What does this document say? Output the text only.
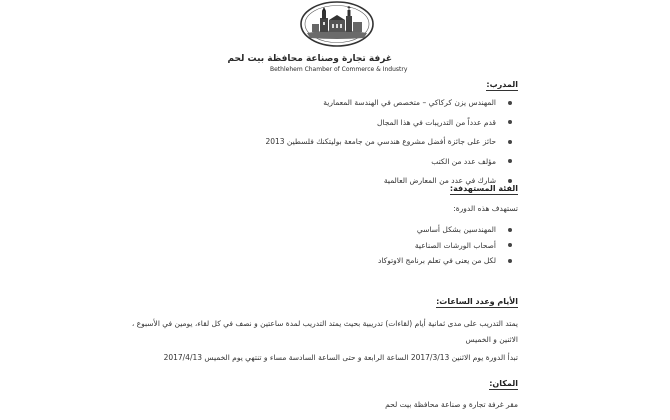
غرفة تجارة وصناعة محافظة بيت لحم
Bethlehem Chamber of Commerce & Industry
المدرب:
المهندس يزن كركاكي – متخصص في الهندسة المعمارية
قدم عدداً من التدريبات في هذا المجال
حائز على جائزة أفضل مشروع هندسي من جامعة بوليتكنك فلسطين 2013
مؤلف عدد من الكتب
شارك في عدد من المعارض العالمية
الفئة المستهدفة:
تستهدف هذه الدورة:
المهندسين بشكل أساسي
أصحاب الورشات الصناعية
لكل من يعنى في تعلم برنامج الاوتوكاد
الأيام وعدد الساعات:
يمتد التدريب على مدى ثمانية أيام (لقاءات) تدريبية بحيث يمتد التدريب لمدة ساعتين و نصف في كل لقاء، يومين في الأسبوع ،
الاثنين و الخميس
تبدأ الدورة يوم الاثنين 2017/3/13 الساعة الرابعة و حتى الساعة السادسة مساء و تنتهي يوم الخميس 2017/4/13
المكان:
مقر غرفة تجارة و صناعة محافظة بيت لحم
